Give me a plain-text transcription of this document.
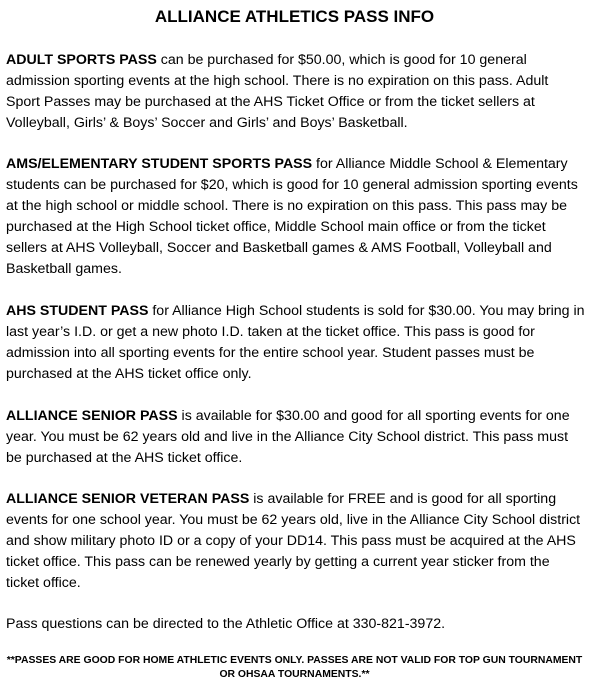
ALLIANCE ATHLETICS PASS INFO

ADULT SPORTS PASS can be purchased for $50.00, which is good for 10 general admission sporting events at the high school. There is no expiration on this pass. Adult Sport Passes may be purchased at the AHS Ticket Office or from the ticket sellers at Volleyball, Girls’ & Boys’ Soccer and Girls’ and Boys’ Basketball.

AMS/ELEMENTARY STUDENT SPORTS PASS for Alliance Middle School & Elementary students can be purchased for $20, which is good for 10 general admission sporting events at the high school or middle school. There is no expiration on this pass. This pass may be purchased at the High School ticket office, Middle School main office or from the ticket sellers at AHS Volleyball, Soccer and Basketball games & AMS Football, Volleyball and Basketball games.

AHS STUDENT PASS for Alliance High School students is sold for $30.00. You may bring in last year’s I.D. or get a new photo I.D. taken at the ticket office. This pass is good for admission into all sporting events for the entire school year. Student passes must be purchased at the AHS ticket office only.

ALLIANCE SENIOR PASS is available for $30.00 and good for all sporting events for one year. You must be 62 years old and live in the Alliance City School district. This pass must be purchased at the AHS ticket office.

ALLIANCE SENIOR VETERAN PASS is available for FREE and is good for all sporting events for one school year. You must be 62 years old, live in the Alliance City School district and show military photo ID or a copy of your DD14. This pass must be acquired at the AHS ticket office. This pass can be renewed yearly by getting a current year sticker from the ticket office.

Pass questions can be directed to the Athletic Office at 330-821-3972.

**PASSES ARE GOOD FOR HOME ATHLETIC EVENTS ONLY. PASSES ARE NOT VALID FOR TOP GUN TOURNAMENT OR OHSAA TOURNAMENTS.**
